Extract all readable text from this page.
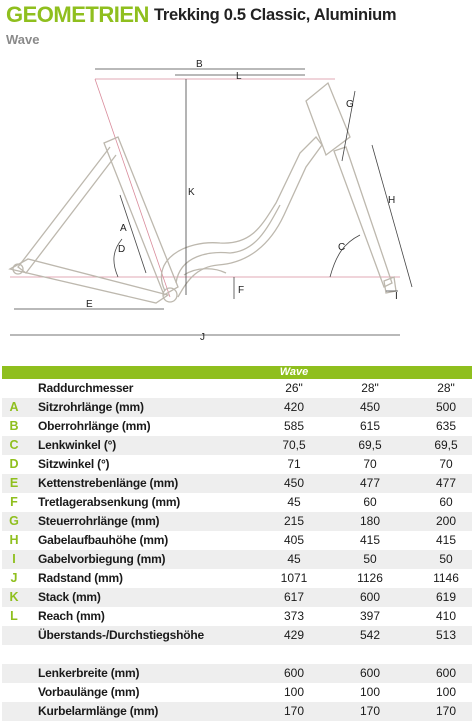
GEOMETRIEN Trekking 0.5 Classic, Aluminium
Wave
B
L
G
K
H
A
D	C
F
I
E
J
		Wave		
	Raddurchmesser	26"	28"	28"
A	Sitzrohrlänge (mm)	420	450	500
B	Oberrohrlänge (mm)	585	615	635
C	Lenkwinkel (°)	70,5	69,5	69,5
D	Sitzwinkel (°)	71	70	70
E	Kettenstrebenlänge (mm)	450	477	477
F	Tretlagerabsenkung (mm)	45	60	60
G	Steuerrohrlänge (mm)	215	180	200
H	Gabelaufbauhöhe (mm)	405	415	415
I	Gabelvorbiegung (mm)	45	50	50
J	Radstand (mm)	1071	1126	1146
K	Stack (mm)	617	600	619
L	Reach (mm)	373	397	410
	Überstands-/Durchstiegshöhe	429	542	513

	Lenkerbreite (mm)	600	600	600
	Vorbaulänge (mm)	100	100	100
	Kurbelarmlänge (mm)	170	170	170
